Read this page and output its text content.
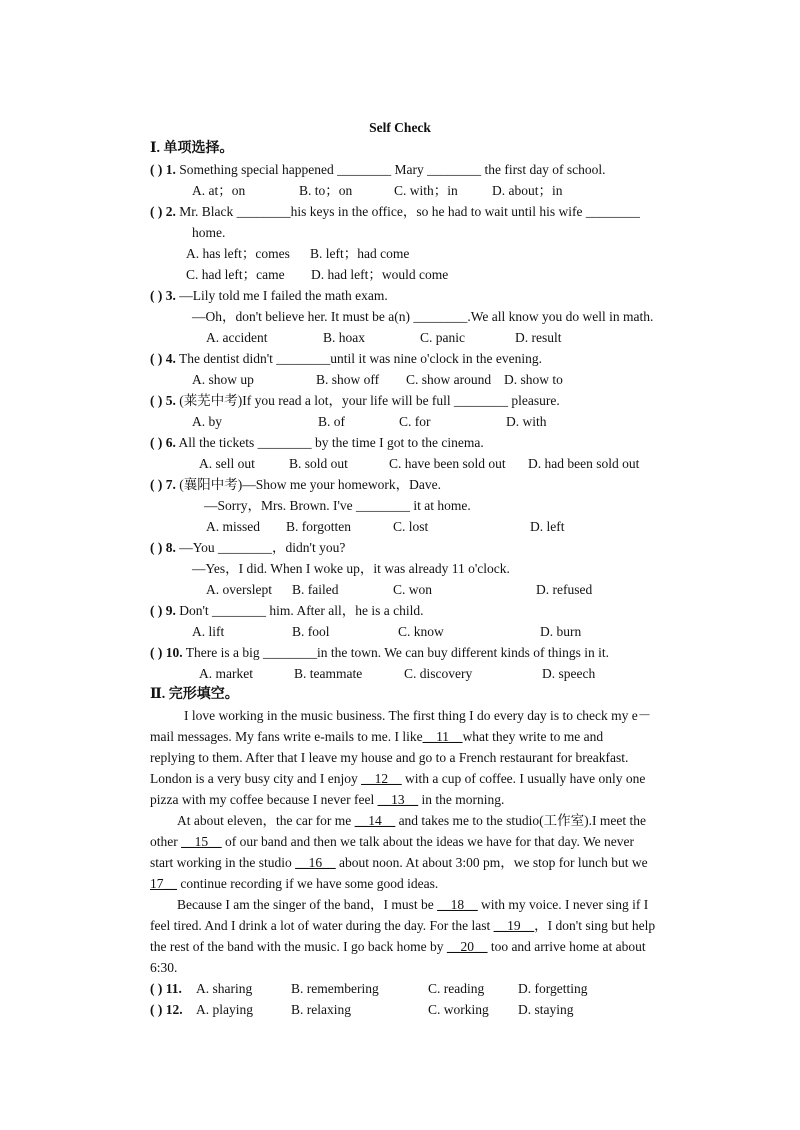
Self Check
Ⅰ. 单项选择。
( ) 1. Something special happened ________ Mary ________ the first day of school.
A. at；on	B. to；on	C. with；in	D. about；in
( ) 2. Mr. Black ________his keys in the office，so he had to wait until his wife ________
home.
A. has left；comes B. left；had come
C. had left；came D. had left；would come
( ) 3. —Lily told me I failed the math exam.
—Oh，don't believe her. It must be a(n) ________.We all know you do well in math.
A. accident	B. hoax	C. panic	D. result
( ) 4. The dentist didn't ________until it was nine o'clock in the evening.
A. show up	B. show off C. show around D. show to
( ) 5. (莱芜中考)If you read a lot，your life will be full ________ pleasure.
A. by	B. of	C. for	D. with
( ) 6. All the tickets ________ by the time I got to the cinema.
A. sell out	B. sold out	C. have been sold out D. had been sold out
( ) 7. (襄阳中考)—Show me your homework，Dave.
—Sorry，Mrs. Brown. I've ________ it at home.
A. missed B. forgotten	C. lost	D. left
( ) 8. —You ________，didn't you?
—Yes，I did. When I woke up，it was already 11 o'clock.
A. overslept B. failed	C. won	D. refused
( ) 9. Don't ________ him. After all，he is a child.
A. lift	B. fool	C. know	D. burn
( ) 10. There is a big ________in the town. We can buy different kinds of things in it.
A. market	B. teammate	C. discovery	D. speech
Ⅱ. 完形填空。
I love working in the music business. The first thing I do every day is to check my e－
mail messages. My fans write e-mails to me. I like__11__what they write to me and
replying to them. After that I leave my house and go to a French restaurant for breakfast.
London is a very busy city and I enjoy __12__ with a cup of coffee. I usually have only one
pizza with my coffee because I never feel __13__ in the morning.
At about eleven，the car for me __14__ and takes me to the studio(工作室).I meet the
other __15__ of our band and then we talk about the ideas we have for that day. We never
start working in the studio __16__ about noon. At about 3:00 pm，we stop for lunch but we
17__ continue recording if we have some good ideas.
Because I am the singer of the band，I must be __18__ with my voice. I never sing if I
feel tired. And I drink a lot of water during the day. For the last __19__，I don't sing but help
the rest of the band with the music. I go back home by __20__ too and arrive home at about
6:30.
( ) 11. A. sharing	B. remembering	C. reading	D. forgetting
( ) 12. A. playing	B. relaxing	C. working D. staying
